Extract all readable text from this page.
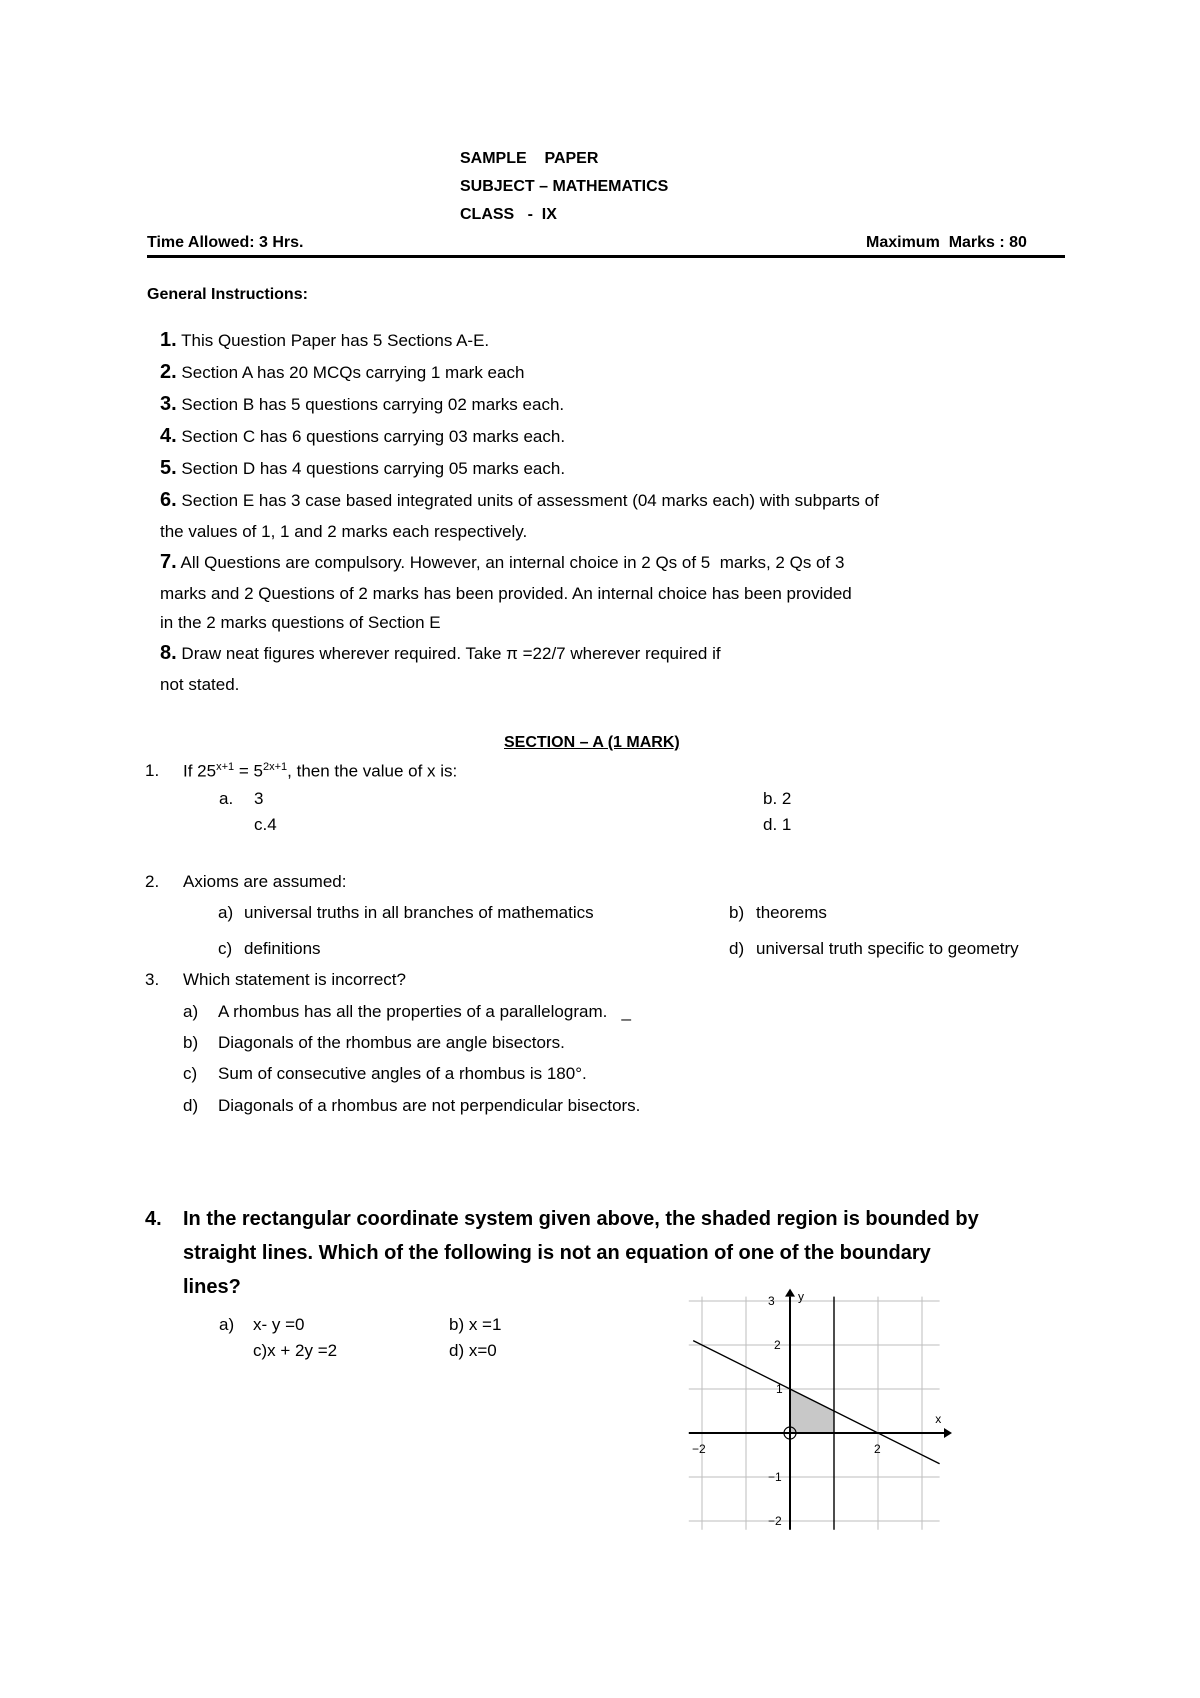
SAMPLE    PAPER
SUBJECT – MATHEMATICS
CLASS   -  IX
Time Allowed: 3 Hrs.	Maximum  Marks : 80
General Instructions:
1. This Question Paper has 5 Sections A-E.
2. Section A has 20 MCQs carrying 1 mark each
3. Section B has 5 questions carrying 02 marks each.
4. Section C has 6 questions carrying 03 marks each.
5. Section D has 4 questions carrying 05 marks each.
6. Section E has 3 case based integrated units of assessment (04 marks each) with subparts of
the values of 1, 1 and 2 marks each respectively.
7. All Questions are compulsory. However, an internal choice in 2 Qs of 5  marks, 2 Qs of 3
marks and 2 Questions of 2 marks has been provided. An internal choice has been provided
in the 2 marks questions of Section E
8. Draw neat figures wherever required. Take π =22/7 wherever required if
not stated.
SECTION – A (1 MARK)
1. If $25^{x+1} = 5^{2x+1}$, then the value of x is:
a. 3	b. 2
c.4	d. 1
2. Axioms are assumed:
a) universal truths in all branches of mathematics	b) theorems
c) definitions	d) universal truth specific to geometry
3. Which statement is incorrect?
a) A rhombus has all the properties of a parallelogram.   _
b) Diagonals of the rhombus are angle bisectors.
c) Sum of consecutive angles of a rhombus is 180°.
d) Diagonals of a rhombus are not perpendicular bisectors.
4. In the rectangular coordinate system given above, the shaded region is bounded by
straight lines. Which of the following is not an equation of one of the boundary
lines?
a) x- y =0	b) x =1
c)x + 2y =2	d) x=0
x
y
−2	2
3
2
1
−1
−2
